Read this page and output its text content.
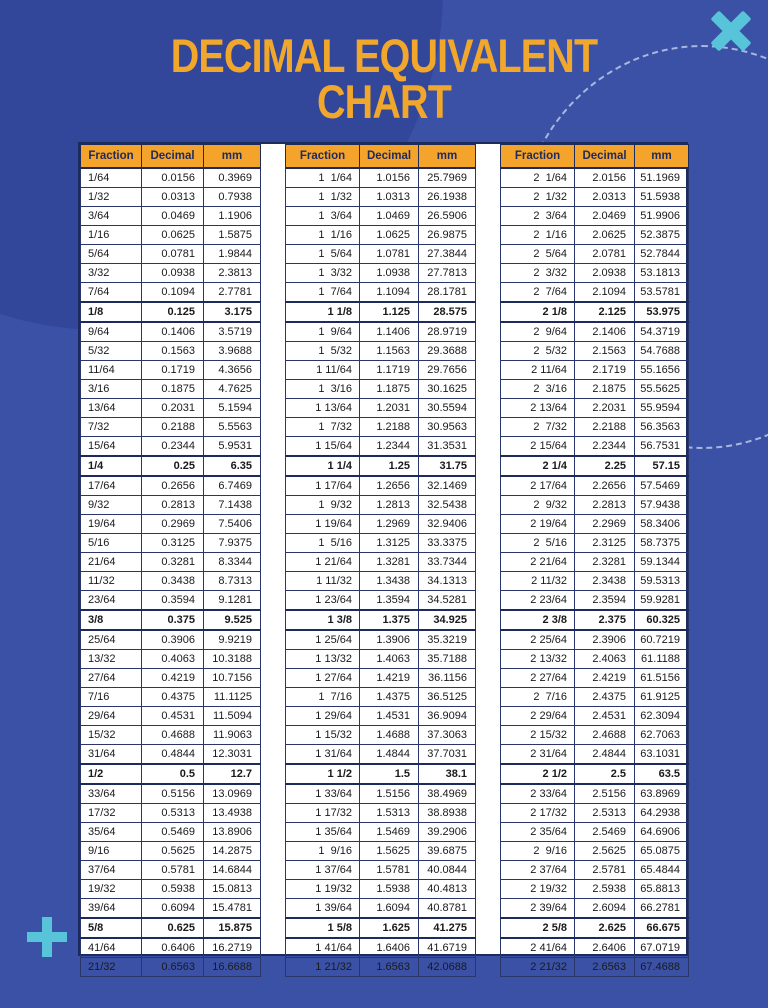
DECIMAL EQUIVALENT
CHART
Fraction	Decimal	mm
1/64	0.0156	0.3969
1/32	0.0313	0.7938
3/64	0.0469	1.1906
1/16	0.0625	1.5875
5/64	0.0781	1.9844
3/32	0.0938	2.3813
7/64	0.1094	2.7781
1/8	0.125	3.175
9/64	0.1406	3.5719
5/32	0.1563	3.9688
11/64	0.1719	4.3656
3/16	0.1875	4.7625
13/64	0.2031	5.1594
7/32	0.2188	5.5563
15/64	0.2344	5.9531
1/4	0.25	6.35
17/64	0.2656	6.7469
9/32	0.2813	7.1438
19/64	0.2969	7.5406
5/16	0.3125	7.9375
21/64	0.3281	8.3344
11/32	0.3438	8.7313
23/64	0.3594	9.1281
3/8	0.375	9.525
25/64	0.3906	9.9219
13/32	0.4063	10.3188
27/64	0.4219	10.7156
7/16	0.4375	11.1125
29/64	0.4531	11.5094
15/32	0.4688	11.9063
31/64	0.4844	12.3031
1/2	0.5	12.7
33/64	0.5156	13.0969
17/32	0.5313	13.4938
35/64	0.5469	13.8906
9/16	0.5625	14.2875
37/64	0.5781	14.6844
19/32	0.5938	15.0813
39/64	0.6094	15.4781
5/8	0.625	15.875
41/64	0.6406	16.2719
21/32	0.6563	16.6688
Fraction	Decimal	mm
1  1/64	1.0156	25.7969
1  1/32	1.0313	26.1938
1  3/64	1.0469	26.5906
1  1/16	1.0625	26.9875
1  5/64	1.0781	27.3844
1  3/32	1.0938	27.7813
1  7/64	1.1094	28.1781
1 1/8	1.125	28.575
1  9/64	1.1406	28.9719
1  5/32	1.1563	29.3688
1 11/64	1.1719	29.7656
1  3/16	1.1875	30.1625
1 13/64	1.2031	30.5594
1  7/32	1.2188	30.9563
1 15/64	1.2344	31.3531
1 1/4	1.25	31.75
1 17/64	1.2656	32.1469
1  9/32	1.2813	32.5438
1 19/64	1.2969	32.9406
1  5/16	1.3125	33.3375
1 21/64	1.3281	33.7344
1 11/32	1.3438	34.1313
1 23/64	1.3594	34.5281
1 3/8	1.375	34.925
1 25/64	1.3906	35.3219
1 13/32	1.4063	35.7188
1 27/64	1.4219	36.1156
1  7/16	1.4375	36.5125
1 29/64	1.4531	36.9094
1 15/32	1.4688	37.3063
1 31/64	1.4844	37.7031
1 1/2	1.5	38.1
1 33/64	1.5156	38.4969
1 17/32	1.5313	38.8938
1 35/64	1.5469	39.2906
1  9/16	1.5625	39.6875
1 37/64	1.5781	40.0844
1 19/32	1.5938	40.4813
1 39/64	1.6094	40.8781
1 5/8	1.625	41.275
1 41/64	1.6406	41.6719
1 21/32	1.6563	42.0688
Fraction	Decimal	mm
2  1/64	2.0156	51.1969
2  1/32	2.0313	51.5938
2  3/64	2.0469	51.9906
2  1/16	2.0625	52.3875
2  5/64	2.0781	52.7844
2  3/32	2.0938	53.1813
2  7/64	2.1094	53.5781
2 1/8	2.125	53.975
2  9/64	2.1406	54.3719
2  5/32	2.1563	54.7688
2 11/64	2.1719	55.1656
2  3/16	2.1875	55.5625
2 13/64	2.2031	55.9594
2  7/32	2.2188	56.3563
2 15/64	2.2344	56.7531
2 1/4	2.25	57.15
2 17/64	2.2656	57.5469
2  9/32	2.2813	57.9438
2 19/64	2.2969	58.3406
2  5/16	2.3125	58.7375
2 21/64	2.3281	59.1344
2 11/32	2.3438	59.5313
2 23/64	2.3594	59.9281
2 3/8	2.375	60.325
2 25/64	2.3906	60.7219
2 13/32	2.4063	61.1188
2 27/64	2.4219	61.5156
2  7/16	2.4375	61.9125
2 29/64	2.4531	62.3094
2 15/32	2.4688	62.7063
2 31/64	2.4844	63.1031
2 1/2	2.5	63.5
2 33/64	2.5156	63.8969
2 17/32	2.5313	64.2938
2 35/64	2.5469	64.6906
2  9/16	2.5625	65.0875
2 37/64	2.5781	65.4844
2 19/32	2.5938	65.8813
2 39/64	2.6094	66.2781
2 5/8	2.625	66.675
2 41/64	2.6406	67.0719
2 21/32	2.6563	67.4688
